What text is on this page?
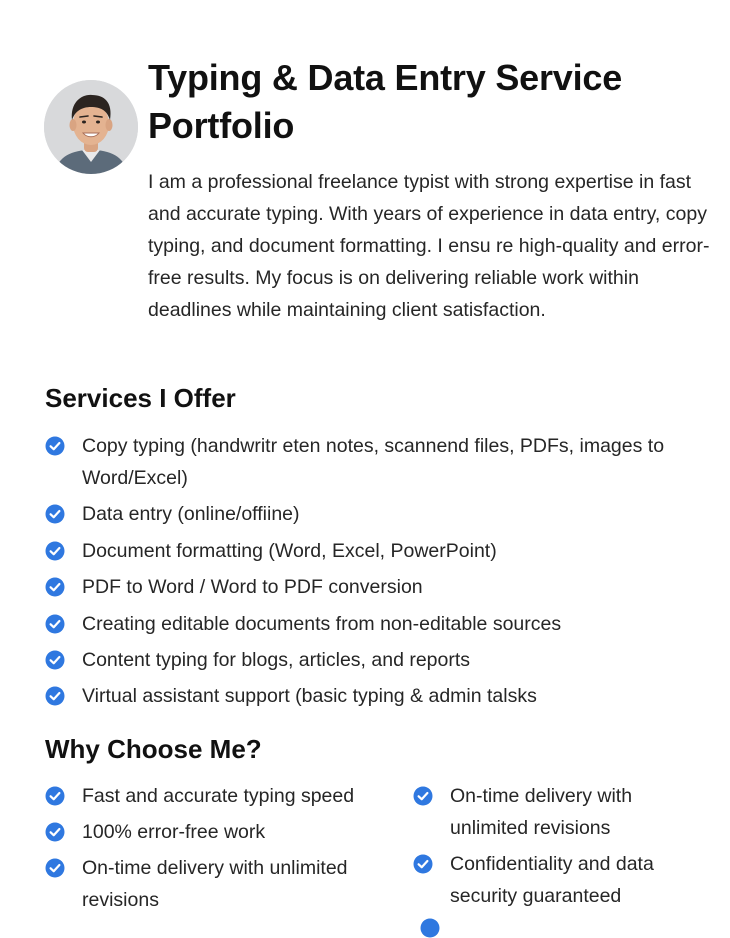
Typing & Data Entry Service Portfolio

I am a professional freelance typist with strong expertise in fast and accurate typing. With years of experience in data entry, copy typing, and document formatting. I ensu re high-quality and error-free results. My focus is on delivering reliable work within deadlines while maintaining client satisfaction.

Services I Offer
Copy typing (handwritr eten notes, scannend files, PDFs, images to Word/Excel)
Data entry (online/offiine)
Document formatting (Word, Excel, PowerPoint)
PDF to Word / Word to PDF conversion
Creating editable documents from non-editable sources
Content typing for blogs, articles, and reports
Virtual assistant support (basic typing & admin talsks
Why Choose Me?
Fast and accurate typing speed
100% error-free work
On-time delivery with unlimited revisions
On-time delivery with unlimited revisions
Confidentiality and data security guaranteed
